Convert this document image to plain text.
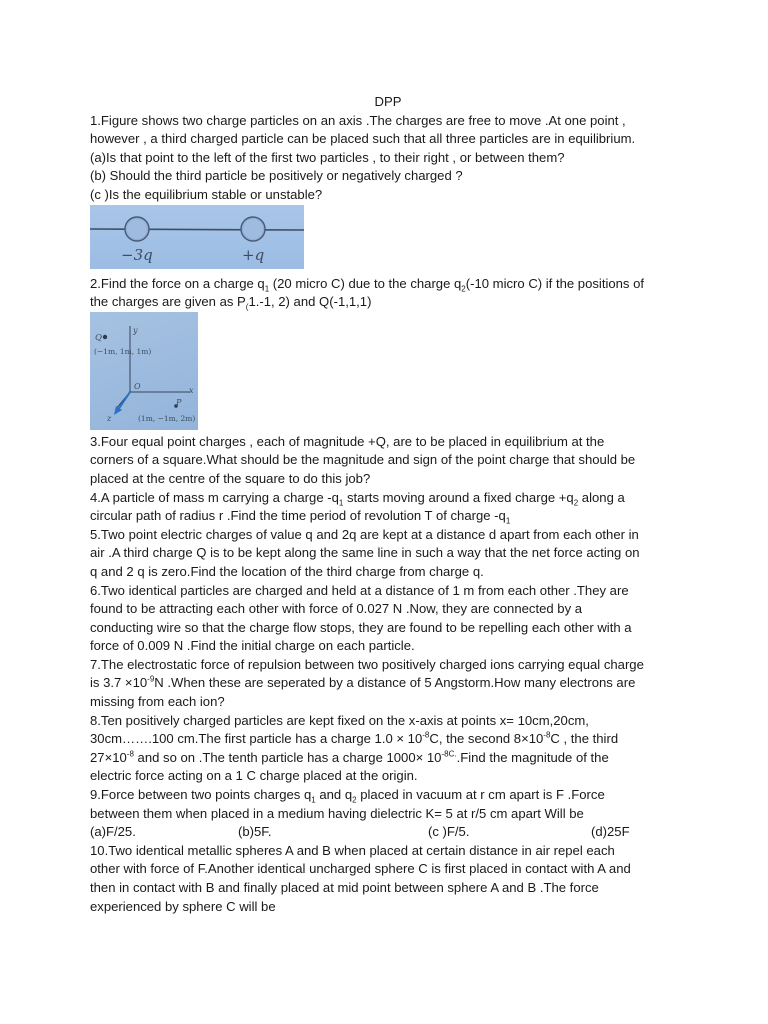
DPP

1.Figure shows two charge particles on an axis .The charges are free to move .At one point ,

however , a third charged particle can be placed such that all three particles are in equilibrium.

(a)Is that point to the left of the first two particles , to their right , or between them?

(b) Should the third particle be positively or negatively charged ?

(c )Is the equilibrium stable or unstable?

−3q	+q

2.Find the force on a charge $q_1$ (20 micro C) due to the charge $q_2(-10$ micro C) if the positions of

the charges are given as $P_(1.-1$, 2) and Q(-1,1,1)

Q
y
(−1m, 1m, 1m)
O	x
z
P
(1m, −1m, 2m)

3.Four equal point charges , each of magnitude +Q, are to be placed in equilibrium at the

corners of a square.What should be the magnitude and sign of the point charge that should be

placed at the centre of the square to do this job?

4.A particle of mass m carrying a charge $-q_1$ starts moving around a fixed charge $+q_2$ along a

circular path of radius r .Find the time period of revolution T of charge $-q_1$

5.Two point electric charges of value q and 2q are kept at a distance d apart from each other in

air .A third charge Q is to be kept along the same line in such a way that the net force acting on

q and 2 q is zero.Find the location of the third charge from charge q.

6.Two identical particles are charged and held at a distance of 1 m from each other .They are

found to be attracting each other with force of 0.027 N .Now, they are connected by a

conducting wire so that the charge flow stops, they are found to be repelling each other with a

force of 0.009 N .Find the initial charge on each particle.

7.The electrostatic force of repulsion between two positively charged ions carrying equal charge

is $3.7 \times 10^{-9}N$ .When these are seperated by a distance of 5 Angstorm.How many electrons are

missing from each ion?

8.Ten positively charged particles are kept fixed on the x-axis at points x= 10cm,20cm,

30cm…….100 cm.The first particle has a charge $1.0 \times 10^{-8}C$, the second $8\times 10^{-8}C$ , the third

$27\times 10^{-8}$ and so on .The tenth particle has a charge $1000\times 10^{-8C.}.Find$ the magnitude of the

electric force acting on a 1 C charge placed at the origin.

9.Force between two points charges $q_1$ and $q_2$ placed in vacuum at r cm apart is F .Force

between them when placed in a medium having dielectric K= 5 at r/5 cm apart Will be

(a)F/25.	(b)5F.	(c )F/5.	(d)25F

10.Two identical metallic spheres A and B when placed at certain distance in air repel each

other with force of F.Another identical uncharged sphere C is first placed in contact with A and

then in contact with B and finally placed at mid point between sphere A and B .The force

experienced by sphere C will be
